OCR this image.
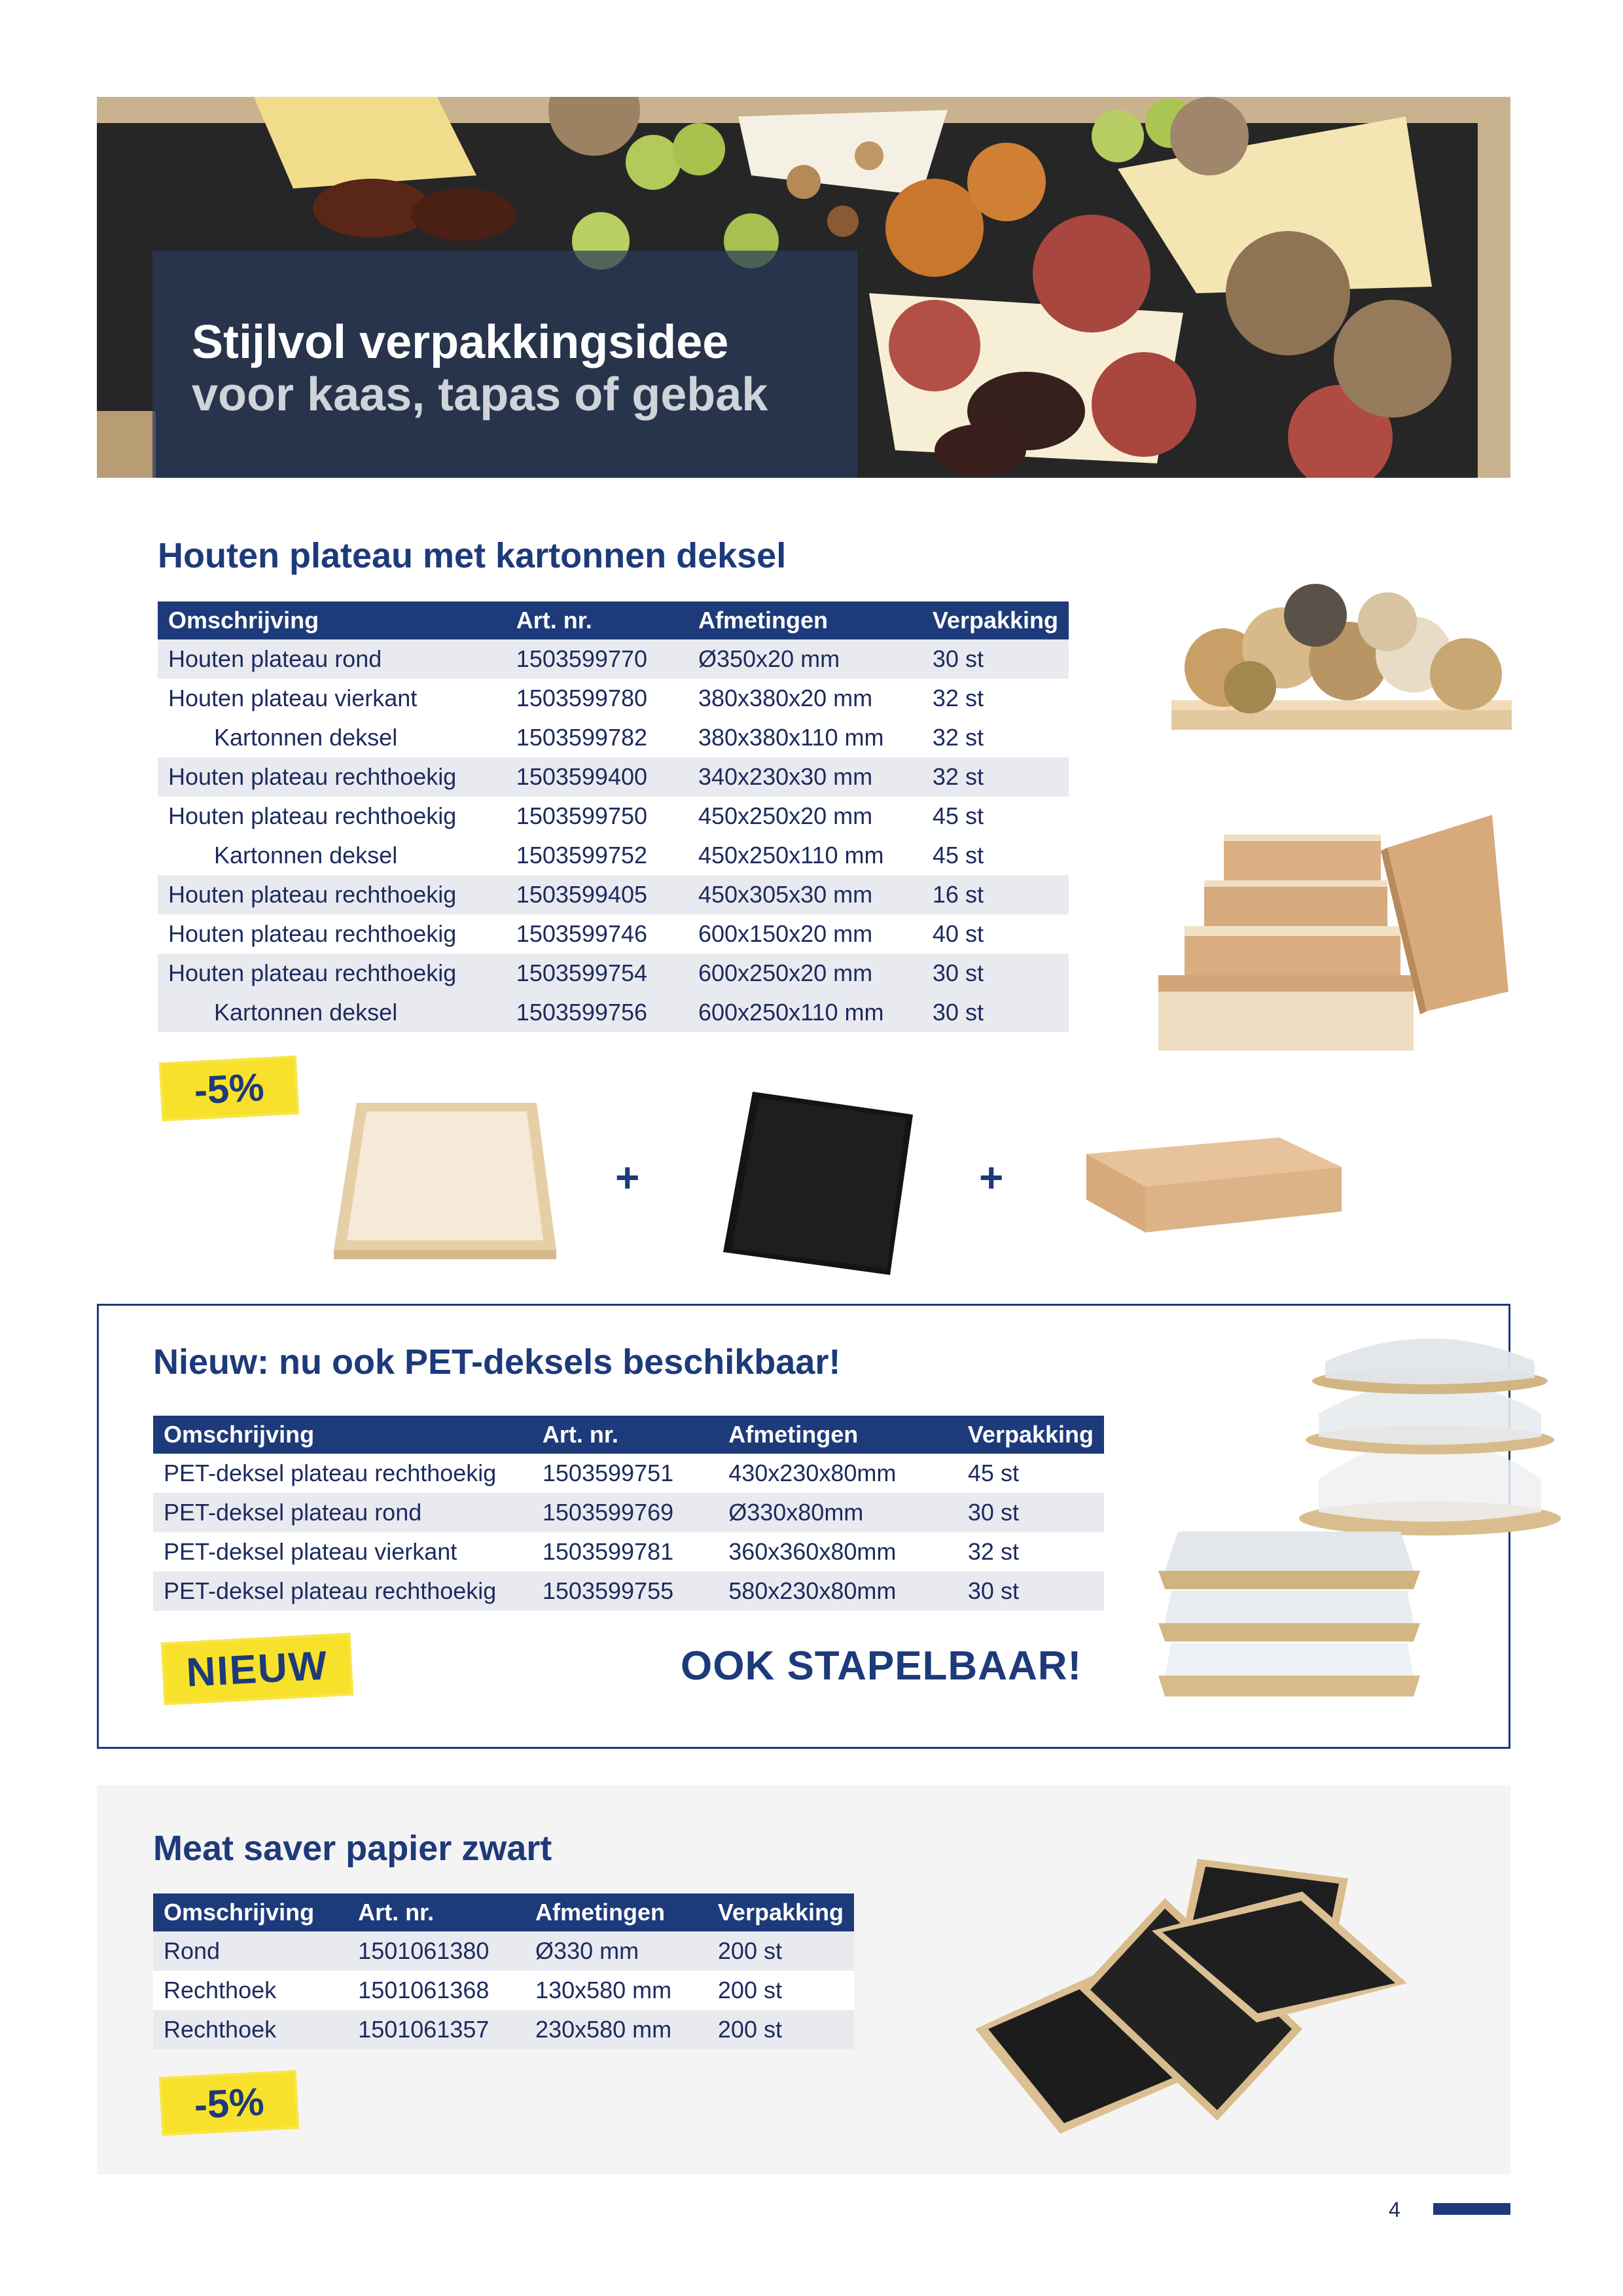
Stijlvol verpakkingsidee
voor kaas, tapas of gebak
Houten plateau met kartonnen deksel
Omschrijving	Art. nr.	Afmetingen	Verpakking
Houten plateau rond	1503599770	Ø350x20 mm	30 st
Houten plateau vierkant	1503599780	380x380x20 mm	32 st
Kartonnen deksel	1503599782	380x380x110 mm	32 st
Houten plateau rechthoekig	1503599400	340x230x30 mm	32 st
Houten plateau rechthoekig	1503599750	450x250x20 mm	45 st
Kartonnen deksel	1503599752	450x250x110 mm	45 st
Houten plateau rechthoekig	1503599405	450x305x30 mm	16 st
Houten plateau rechthoekig	1503599746	600x150x20 mm	40 st
Houten plateau rechthoekig	1503599754	600x250x20 mm	30 st
Kartonnen deksel	1503599756	600x250x110 mm	30 st
-5%
+	+
Nieuw: nu ook PET-deksels beschikbaar!
Omschrijving	Art. nr.	Afmetingen	Verpakking
PET-deksel plateau rechthoekig	1503599751	430x230x80mm	45 st
PET-deksel plateau rond	1503599769	Ø330x80mm	30 st
PET-deksel plateau vierkant	1503599781	360x360x80mm	32 st
PET-deksel plateau rechthoekig	1503599755	580x230x80mm	30 st
NIEUW	OOK STAPELBAAR!
Meat saver papier zwart
Omschrijving	Art. nr.	Afmetingen	Verpakking
Rond	1501061380	Ø330 mm	200 st
Rechthoek	1501061368	130x580 mm	200 st
Rechthoek	1501061357	230x580 mm	200 st
-5%
4
